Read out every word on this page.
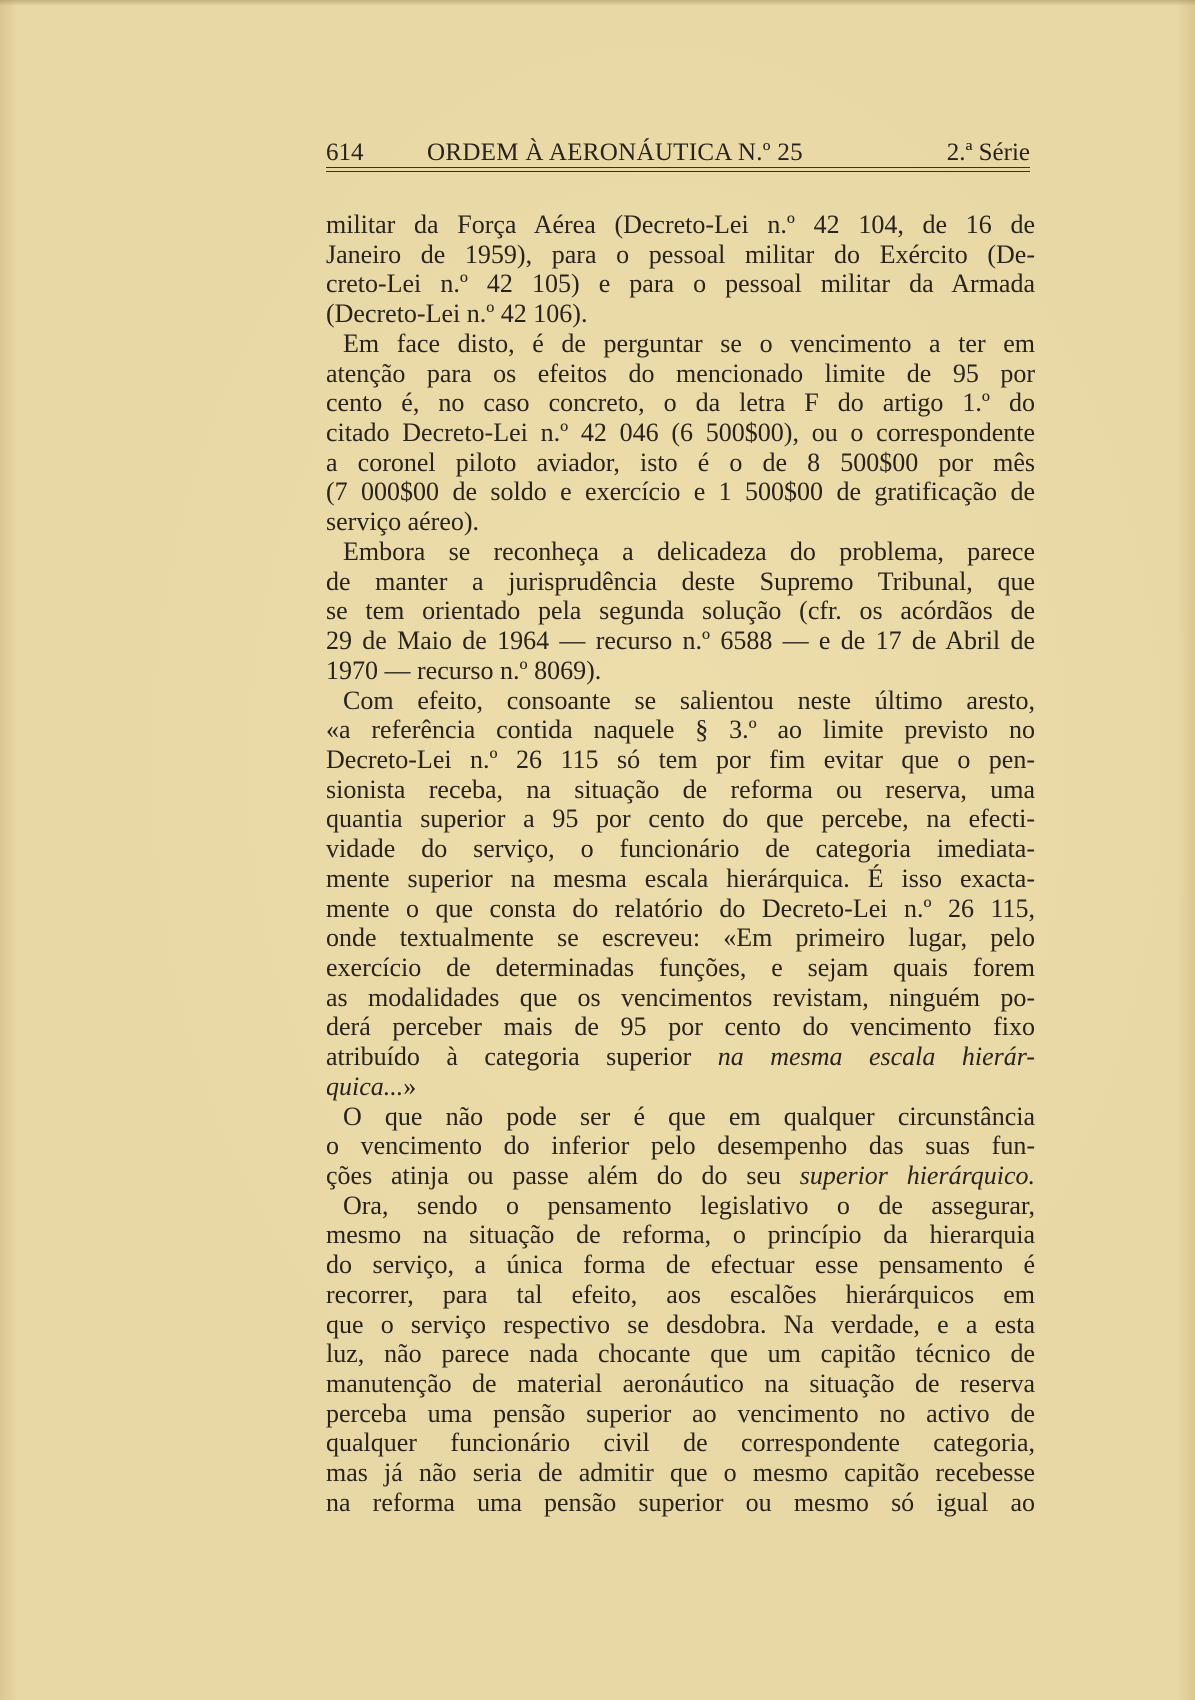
614	ORDEM À AERONÁUTICA N.º 25	2.ª Série
militar da Força Aérea (Decreto-Lei n.º 42 104, de 16 de
Janeiro de 1959), para o pessoal militar do Exército (De-
creto-Lei n.º 42 105) e para o pessoal militar da Armada
(Decreto-Lei n.º 42 106).
Em face disto, é de perguntar se o vencimento a ter em
atenção para os efeitos do mencionado limite de 95 por
cento é, no caso concreto, o da letra F do artigo 1.º do
citado Decreto-Lei n.º 42 046 (6 500$00), ou o correspondente
a coronel piloto aviador, isto é o de 8 500$00 por mês
(7 000$00 de soldo e exercício e 1 500$00 de gratificação de
serviço aéreo).
Embora se reconheça a delicadeza do problema, parece
de manter a jurisprudência deste Supremo Tribunal, que
se tem orientado pela segunda solução (cfr. os acórdãos de
29 de Maio de 1964 — recurso n.º 6588 — e de 17 de Abril de
1970 — recurso n.º 8069).
Com efeito, consoante se salientou neste último aresto,
«a referência contida naquele § 3.º ao limite previsto no
Decreto-Lei n.º 26 115 só tem por fim evitar que o pen-
sionista receba, na situação de reforma ou reserva, uma
quantia superior a 95 por cento do que percebe, na efecti-
vidade do serviço, o funcionário de categoria imediata-
mente superior na mesma escala hierárquica. É isso exacta-
mente o que consta do relatório do Decreto-Lei n.º 26 115,
onde textualmente se escreveu: «Em primeiro lugar, pelo
exercício de determinadas funções, e sejam quais forem
as modalidades que os vencimentos revistam, ninguém po-
derá perceber mais de 95 por cento do vencimento fixo
atribuído à categoria superior na mesma escala hierár-
quica...»
O que não pode ser é que em qualquer circunstância
o vencimento do inferior pelo desempenho das suas fun-
ções atinja ou passe além do do seu superior hierárquico.
Ora, sendo o pensamento legislativo o de assegurar,
mesmo na situação de reforma, o princípio da hierarquia
do serviço, a única forma de efectuar esse pensamento é
recorrer, para tal efeito, aos escalões hierárquicos em
que o serviço respectivo se desdobra. Na verdade, e a esta
luz, não parece nada chocante que um capitão técnico de
manutenção de material aeronáutico na situação de reserva
perceba uma pensão superior ao vencimento no activo de
qualquer funcionário civil de correspondente categoria,
mas já não seria de admitir que o mesmo capitão recebesse
na reforma uma pensão superior ou mesmo só igual ao
